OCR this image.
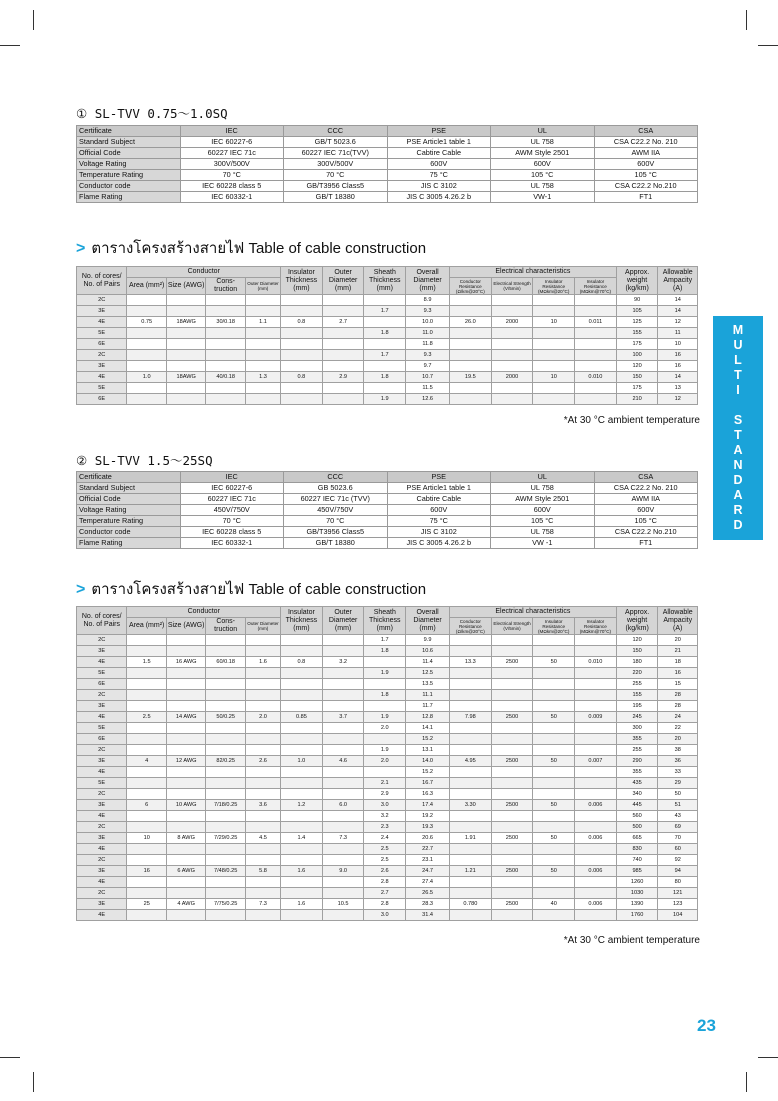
① SL-TVV 0.75～1.0SQ
Certificate	IEC	CCC	PSE	UL	CSA
Standard Subject	IEC 60227-6	GB/T 5023.6	PSE Article1 table 1	UL 758	CSA C22.2 No. 210
Official Code	60227 IEC 71c	60227 IEC 71c(TVV)	Cabtire Cable	AWM Style 2501	AWM IIA
Voltage Rating	300V/500V	300V/500V	600V	600V	600V
Temperature Rating	70 °C	70 °C	75 °C	105 °C	105 °C
Conductor code	IEC 60228 class 5	GB/T3956 Class5	JIS C 3102	UL 758	CSA C22.2 No.210
Flame Rating	IEC 60332-1	GB/T 18380	JIS C 3005 4.26.2 b	VW-1	FT1
> ตารางโครงสร้างสายไฟ Table of cable construction
No. of cores/ No. of Pairs	Conductor				Insulator Thickness (mm)	Outer Diameter (mm)	Sheath Thickness (mm)	Overall Diameter (mm)	Electrical characteristics				Approx. weight (kg/km)	Allowable Ampacity (A)
	Area (mm²)	Size (AWG)	Cons- truction	Outer Diameter (mm)					Conductor Resistance (Ω/km@20°C)	Electrical Strength (V/5min)	Insulator Resistance (MΩkm@20°C)	Insulator Resistance (MΩkm@70°C)		
2C								8.9					90	14
3E							1.7	9.3					105	14
4E	0.75	18AWG	30/0.18	1.1	0.8	2.7		10.0	26.0	2000	10	0.011	125	12
5E							1.8	11.0					155	11
6E								11.8					175	10
2C							1.7	9.3					100	16
3E								9.7					120	16
4E	1.0	18AWG	40/0.18	1.3	0.8	2.9	1.8	10.7	19.5	2000	10	0.010	150	14
5E								11.5					175	13
6E							1.9	12.6					210	12
*At 30 °C ambient temperature
② SL-TVV 1.5～25SQ
Certificate	IEC	CCC	PSE	UL	CSA
Standard Subject	IEC 60227-6	GB 5023.6	PSE Article1 table 1	UL 758	CSA C22.2 No. 210
Official Code	60227 IEC 71c	60227 IEC 71c (TVV)	Cabtire Cable	AWM Style 2501	AWM IIA
Voltage Rating	450V/750V	450V/750V	600V	600V	600V
Temperature Rating	70 °C	70 °C	75 °C	105 °C	105 °C
Conductor code	IEC 60228 class 5	GB/T3956 Class5	JIS C 3102	UL 758	CSA C22.2 No.210
Flame Rating	IEC 60332-1	GB/T 18380	JIS C 3005 4.26.2 b	VW -1	FT1
> ตารางโครงสร้างสายไฟ Table of cable construction
No. of cores/ No. of Pairs	Conductor				Insulator Thickness (mm)	Outer Diameter (mm)	Sheath Thickness (mm)	Overall Diameter (mm)	Electrical characteristics				Approx. weight (kg/km)	Allowable Ampacity (A)
	Area (mm²)	Size (AWG)	Cons- truction	Outer Diameter (mm)					Conductor Resistance (Ω/km@20°C)	Electrical Strength (V/5min)	Insulator Resistance (MΩkm@20°C)	Insulator Resistance (MΩkm@70°C)		
2C							1.7	9.9					120	20
3E							1.8	10.6					150	21
4E	1.5	16 AWG	60/0.18	1.6	0.8	3.2		11.4	13.3	2500	50	0.010	180	18
5E							1.9	12.5					220	16
6E								13.5					255	15
2C							1.8	11.1					155	28
3E								11.7					195	28
4E	2.5	14 AWG	50/0.25	2.0	0.85	3.7	1.9	12.8	7.98	2500	50	0.009	245	24
5E							2.0	14.1					300	22
6E								15.2					355	20
2C							1.9	13.1					255	38
3E	4	12 AWG	82/0.25	2.6	1.0	4.6	2.0	14.0	4.95	2500	50	0.007	290	36
4E								15.2					355	33
5E							2.1	16.7					435	29
2C							2.9	16.3					340	50
3E	6	10 AWG	7/18/0.25	3.6	1.2	6.0	3.0	17.4	3.30	2500	50	0.006	445	51
4E							3.2	19.2					560	43
2C							2.3	19.3					500	69
3E	10	8 AWG	7/29/0.25	4.5	1.4	7.3	2.4	20.6	1.91	2500	50	0.006	665	70
4E							2.5	22.7					830	60
2C							2.5	23.1					740	92
3E	16	6 AWG	7/48/0.25	5.8	1.6	9.0	2.6	24.7	1.21	2500	50	0.006	985	94
4E							2.8	27.4					1260	80
2C							2.7	26.5					1030	121
3E	25	4 AWG	7/75/0.25	7.3	1.6	10.5	2.8	28.3	0.780	2500	40	0.006	1390	123
4E							3.0	31.4					1760	104
*At 30 °C ambient temperature
M
U
L
T
I
S
T
A
N
D
A
R
D
23
